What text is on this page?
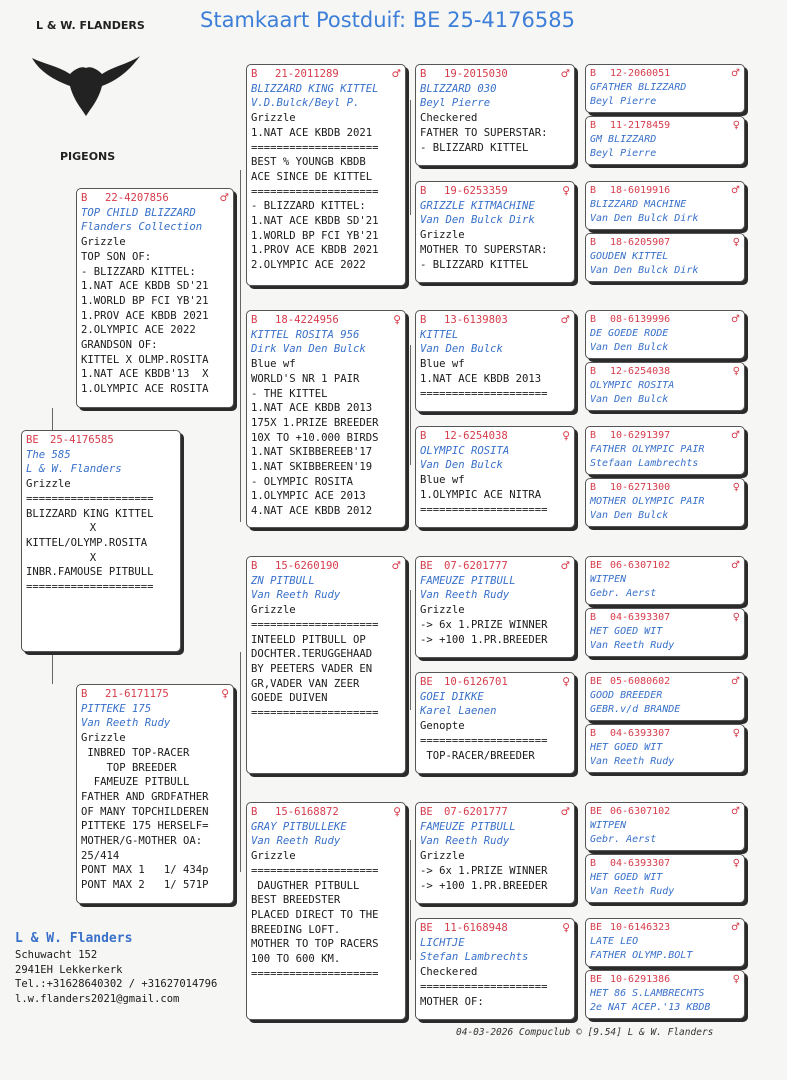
Stamkaart Postduif: BE 25-4176585
L & W. FLANDERS
PIGEONS
BE	25-4176585
The 585
L & W. Flanders
Grizzle
====================
BLIZZARD KING KITTEL
X
KITTEL/OLYMP.ROSITA
X
INBR.FAMOUSE PITBULL
====================
B	22-4207856	♂
TOP CHILD BLIZZARD
Flanders Collection
Grizzle
TOP SON OF:
- BLIZZARD KITTEL:
1.NAT ACE KBDB SD'21
1.WORLD BP FCI YB'21
1.PROV ACE KBDB 2021
2.OLYMPIC ACE 2022
GRANDSON OF:
KITTEL X OLMP.ROSITA
1.NAT ACE KBDB'13  X
1.OLYMPIC ACE ROSITA
B	21-6171175	♀
PITTEKE 175
Van Reeth Rudy
Grizzle
INBRED TOP-RACER
TOP BREEDER
FAMEUZE PITBULL
FATHER AND GRDFATHER
OF MANY TOPCHILDEREN
PITTEKE 175 HERSELF=
MOTHER/G-MOTHER OA:
25/414
PONT MAX 1   1/ 434p
PONT MAX 2   1/ 571P
B	21-2011289	♂
BLIZZARD KING KITTEL
V.D.Bulck/Beyl P.
Grizzle
1.NAT ACE KBDB 2021
====================
BEST % YOUNGB KBDB
ACE SINCE DE KITTEL
====================
- BLIZZARD KITTEL:
1.NAT ACE KBDB SD'21
1.WORLD BP FCI YB'21
1.PROV ACE KBDB 2021
2.OLYMPIC ACE 2022
B	18-4224956	♀
KITTEL ROSITA 956
Dirk Van Den Bulck
Blue wf
WORLD'S NR 1 PAIR
- THE KITTEL
1.NAT ACE KBDB 2013
175X 1.PRIZE BREEDER
10X TO +10.000 BIRDS
1.NAT SKIBBEREEB'17
1.NAT SKIBBEREEN'19
- OLYMPIC ROSITA
1.OLYMPIC ACE 2013
4.NAT ACE KBDB 2012
B	15-6260190	♂
ZN PITBULL
Van Reeth Rudy
Grizzle
====================
INTEELD PITBULL OP
DOCHTER.TERUGGEHAAD
BY PEETERS VADER EN
GR,VADER VAN ZEER
GOEDE DUIVEN
====================
B	15-6168872	♀
GRAY PITBULLEKE
Van Reeth Rudy
Grizzle
====================
DAUGTHER PITBULL
BEST BREEDSTER
PLACED DIRECT TO THE
BREEDING LOFT.
MOTHER TO TOP RACERS
100 TO 600 KM.
====================
B	19-2015030	♂
BLIZZARD 030
Beyl Pierre
Checkered
FATHER TO SUPERSTAR:
- BLIZZARD KITTEL
B	19-6253359	♀
GRIZZLE KITMACHINE
Van Den Bulck Dirk
Grizzle
MOTHER TO SUPERSTAR:
- BLIZZARD KITTEL
B	13-6139803	♂
KITTEL
Van Den Bulck
Blue wf
1.NAT ACE KBDB 2013
====================
B	12-6254038	♀
OLYMPIC ROSITA
Van Den Bulck
Blue wf
1.OLYMPIC ACE NITRA
====================
BE	07-6201777	♂
FAMEUZE PITBULL
Van Reeth Rudy
Grizzle
-> 6x 1.PRIZE WINNER
-> +100 1.PR.BREEDER
BE	10-6126701	♀
GOEI DIKKE
Karel Laenen
Genopte
====================
TOP-RACER/BREEDER
BE	07-6201777	♂
FAMEUZE PITBULL
Van Reeth Rudy
Grizzle
-> 6x 1.PRIZE WINNER
-> +100 1.PR.BREEDER
BE	11-6168948	♀
LICHTJE
Stefan Lambrechts
Checkered
====================
MOTHER OF:
B	12-2060051	♂
GFATHER BLIZZARD
Beyl Pierre
B	11-2178459	♀
GM BLIZZARD
Beyl Pierre
B	18-6019916	♂
BLIZZARD MACHINE
Van Den Bulck Dirk
B	18-6205907	♀
GOUDEN KITTEL
Van Den Bulck Dirk
B	08-6139996	♂
DE GOEDE RODE
Van Den Bulck
B	12-6254038	♀
OLYMPIC ROSITA
Van Den Bulck
B	10-6291397	♂
FATHER OLYMPIC PAIR
Stefaan Lambrechts
B	10-6271300	♀
MOTHER OLYMPIC PAIR
Van Den Bulck
BE 06-6307102	♂
WITPEN
Gebr. Aerst
B	04-6393307	♀
HET GOED WIT
Van Reeth Rudy
BE 05-6080602	♂
GOOD BREEDER
GEBR.v/d BRANDE
B	04-6393307	♀
HET GOED WIT
Van Reeth Rudy
BE 06-6307102	♂
WITPEN
Gebr. Aerst
B	04-6393307	♀
HET GOED WIT
Van Reeth Rudy
BE 10-6146323	♂
LATE LEO
FATHER OLYMP.BOLT
BE 10-6291386	♀
HET 86 S.LAMBRECHTS
2e NAT ACEP.'13 KBDB
L & W. Flanders
Schuwacht 152
2941EH Lekkerkerk
Tel.:+31628640302 / +31627014796
l.w.flanders2021@gmail.com
04-03-2026 Compuclub © [9.54] L & W. Flanders
